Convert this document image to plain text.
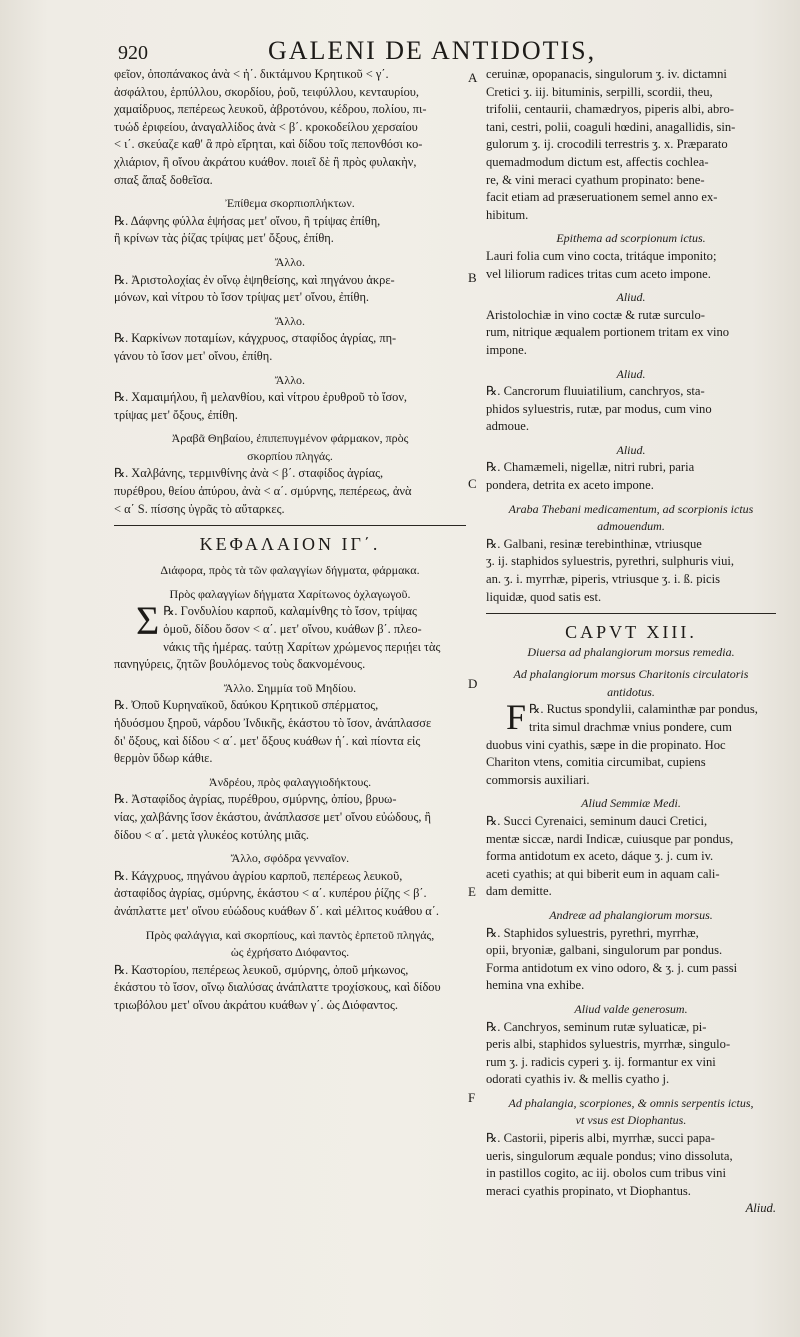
920	GALENI DE ANTIDOTIS,
φεῖον, ὀποπάνακος ἀνὰ < ἡ΄. δικτάμνου Κρητικοῦ < γ΄.
ἀσφάλτου, ἑρπύλλου, σκορδίου, ῥοῦ, τειφύλλου, κενταυρίου,
χαμαίδρυος, πεπέρεως λευκοῦ, ἀβροτόνου, κέδρου, πολίου, πι-
τυώδ ἐριφείου, ἀναγαλλίδος ἀνὰ < β΄. κροκοδείλου χερσαίου
< ι΄. σκεύαζε καθ' ἃ πρὸ εἴρηται, καὶ δίδου τοῖς πεπονθόσι κο-
χλιάριον, ἢ οἴνου ἀκράτου κυάθον. ποιεῖ δὲ ἢ πρὸς φυλακὴν,
σπαξ ἅπαξ δοθεῖσα.
Ἐπίθεμα σκορπιοπλήκτων.
℞. Δάφνης φύλλα ἑψήσας μετ' οἴνου, ἢ τρίψας ἐπίθη,
ἢ κρίνων τὰς ῥίζας τρίψας μετ' ὄξους, ἐπίθη.
Ἄλλο.
℞. Ἀριστολοχίας ἐν οἴνῳ ἑψηθείσης, καὶ πηγάνου ἀκρε-
μόνων, καὶ νίτρου τὸ ἴσον τρίψας μετ' οἴνου, ἐπίθη.
Ἄλλο.
℞. Καρκίνων ποταμίων, κάγχρυος, σταφίδος ἀγρίας, πη-
γάνου τὸ ἴσον μετ' οἴνου, ἐπίθη.
Ἄλλο.
℞. Χαμαιμήλου, ἢ μελανθίου, καὶ νίτρου ἐρυθροῦ τὸ ἴσον,
τρίψας μετ' ὄξους, ἐπίθη.
Ἀραβᾶ Θηβαίου, ἐπιπεπυγμένον φάρμακον, πρὸς
σκορπίου πληγάς.
℞. Χαλβάνης, τερμινθίνης ἀνὰ < β΄. σταφίδος ἀγρίας,
πυρέθρου, θείου ἀπύρου, ἀνὰ < α΄. σμύρνης, πεπέρεως, ἀνὰ
< α΄ S. πίσσης ὑγρᾶς τὸ αὔταρκες.
ΚΕΦΑΛΑΙΟΝ ΙΓ΄.
Διάφορα, πρὸς τὰ τῶν φαλαγγίων δήγματα, φάρμακα.
Πρὸς φαλαγγίων δήγματα Χαρίτωνος ὀχλαγωγοῦ.
Σ ℞. Γονδυλίου καρποῦ, καλαμίνθης τὸ ἴσον, τρίψας
ὁμοῦ, δίδου ὅσον < α΄. μετ' οἴνου, κυάθων β΄. πλεο-
νάκις τῆς ἡμέρας. ταύτῃ Χαρίτων χρώμενος περιῄει τὰς
πανηγύρεις, ζητῶν βουλόμενος τοὺς δακνομένους.
Ἄλλο. Σημμία τοῦ Μηδίου.
℞. Ὀποῦ Κυρηναϊκοῦ, δαύκου Κρητικοῦ σπέρματος,
ἡδυόσμου ξηροῦ, νάρδου Ἰνδικῆς, ἑκάστου τὸ ἴσον, ἀνάπλασσε
δι' ὄξους, καὶ δίδου < α΄. μετ' ὄξους κυάθων ἡ΄. καὶ πίοντα εἰς
θερμὸν ὕδωρ κάθιε.
Ἀνδρέου, πρὸς φαλαγγιοδήκτους.
℞. Ἀσταφίδος ἀγρίας, πυρέθρου, σμύρνης, ὀπίου, βρυω-
νίας, χαλβάνης ἴσον ἑκάστου, ἀνάπλασσε μετ' οἴνου εὐώδους, ἢ
δίδου < α΄. μετὰ γλυκέος κοτύλης μιᾶς.
Ἄλλο, σφόδρα γενναῖον.
℞. Κάγχρυος, πηγάνου ἀγρίου καρποῦ, πεπέρεως λευκοῦ,
ἀσταφίδος ἀγρίας, σμύρνης, ἑκάστου < α΄. κυπέρου ῥίζης < β΄.
ἀνάπλαττε μετ' οἴνου εὐώδους κυάθων δ΄. καὶ μέλιτος κυάθου α΄.
Πρὸς φαλάγγια, καὶ σκορπίους, καὶ παντὸς ἑρπετοῦ πληγάς,
ὡς ἐχρήσατο Διόφαντος.
℞. Καστορίου, πεπέρεως λευκοῦ, σμύρνης, ὀποῦ μήκωνος,
ἑκάστου τὸ ἴσον, οἴνῳ διαλύσας ἀνάπλαττε τροχίσκους, καὶ δίδου
τριωβόλου μετ' οἴνου ἀκράτου κυάθων γ΄. ὡς Διόφαντος.
ceruinæ, opopanacis, singulorum ʒ. iv. dictamni
Cretici ʒ. iij. bituminis, serpilli, scordii, theu,
trifolii, centaurii, chamædryos, piperis albi, abro-
tani, cestri, polii, coaguli hœdini, anagallidis, sin-
gulorum ʒ. ij. crocodili terrestris ʒ. x. Præparato
quemadmodum dictum est, affectis cochlea-
re, & vini meraci cyathum propinato: bene-
facit etiam ad præseruationem semel anno ex-
hibitum.
Epithema ad scorpionum ictus.
Lauri folia cum vino cocta, tritáque imponito;
vel liliorum radices tritas cum aceto impone.
Aliud.
Aristolochiæ in vino coctæ & rutæ surculo-
rum, nitrique æqualem portionem tritam ex vino
impone.
Aliud.
℞. Cancrorum fluuiatilium, canchryos, sta-
phidos syluestris, rutæ, par modus, cum vino
admoue.
Aliud.
℞. Chamæmeli, nigellæ, nitri rubri, paria
pondera, detrita ex aceto impone.
Araba Thebani medicamentum, ad scorpionis ictus
admouendum.
℞. Galbani, resinæ terebinthinæ, vtriusque
ʒ. ij. staphidos syluestris, pyrethri, sulphuris viui,
an. ʒ. i. myrrhæ, piperis, vtriusque ʒ. i. ß. picis
liquidæ, quod satis est.
CAPVT XIII.
Diuersa ad phalangiorum morsus remedia.
Ad phalangiorum morsus Charitonis circulatoris
antidotus.
F ℞. Ructus spondylii, calaminthæ par pondus,
trita simul drachmæ vnius pondere, cum
duobus vini cyathis, sæpe in die propinato. Hoc
Chariton vtens, comitia circumibat, cupiens
commorsis auxiliari.
Aliud Semmiæ Medi.
℞. Succi Cyrenaici, seminum dauci Cretici,
mentæ siccæ, nardi Indicæ, cuiusque par pondus,
forma antidotum ex aceto, dáque ʒ. j. cum iv.
aceti cyathis; at qui biberit eum in aquam cali-
dam demitte.
Andreæ ad phalangiorum morsus.
℞. Staphidos syluestris, pyrethri, myrrhæ,
opii, bryoniæ, galbani, singulorum par pondus.
Forma antidotum ex vino odoro, & ʒ. j. cum passi
hemina vna exhibe.
Aliud valde generosum.
℞. Canchryos, seminum rutæ syluaticæ, pi-
peris albi, staphidos syluestris, myrrhæ, singulo-
rum ʒ. j. radicis cyperi ʒ. ij. formantur ex vini
odorati cyathis iv. & mellis cyatho j.
Ad phalangia, scorpiones, & omnis serpentis ictus,
vt vsus est Diophantus.
℞. Castorii, piperis albi, myrrhæ, succi papa-
ueris, singulorum æquale pondus; vino dissoluta,
in pastillos cogito, ac iij. obolos cum tribus vini
meraci cyathis propinato, vt Diophantus.
Aliud.
A
B
C
D
E
F
